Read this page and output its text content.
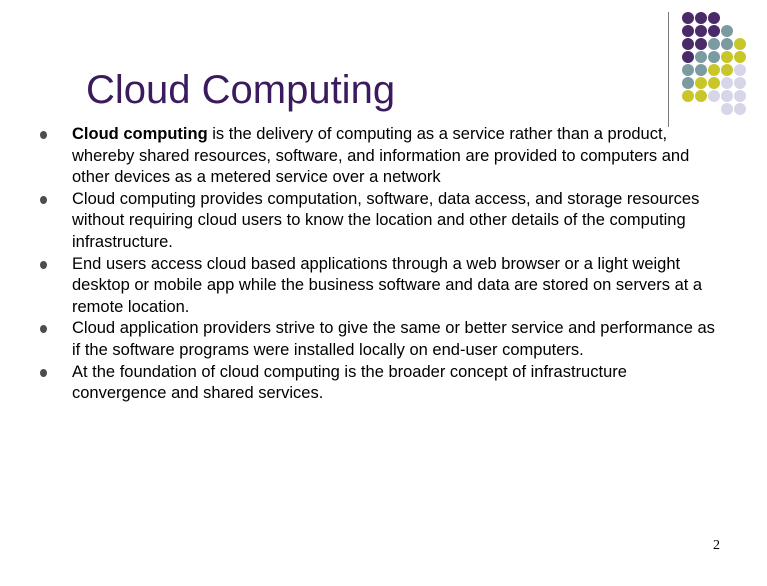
Cloud Computing
Cloud computing is the delivery of computing as a service rather than a product, whereby shared resources, software, and information are provided to computers and other devices as a metered service over a network
Cloud computing provides computation, software, data access, and storage resources without requiring cloud users to know the location and other details of the computing infrastructure.
End users access cloud based applications through a web browser or a light weight desktop or mobile app while the business software and data are stored on servers at a remote location.
Cloud application providers strive to give the same or better service and performance as if the software programs were installed locally on end-user computers.
At the foundation of cloud computing is the broader concept of infrastructure convergence and shared services.
2
